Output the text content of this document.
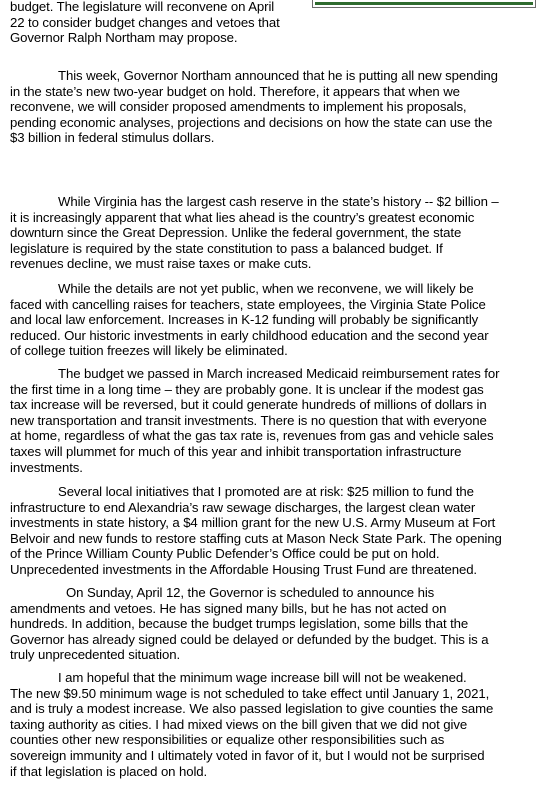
budget. The legislature will reconvene on April
22 to consider budget changes and vetoes that
Governor Ralph Northam may propose.

This week, Governor Northam announced that he is putting all new spending
in the state’s new two-year budget on hold. Therefore, it appears that when we
reconvene, we will consider proposed amendments to implement his proposals,
pending economic analyses, projections and decisions on how the state can use the
$3 billion in federal stimulus dollars.

While Virginia has the largest cash reserve in the state’s history -- $2 billion –
it is increasingly apparent that what lies ahead is the country’s greatest economic
downturn since the Great Depression. Unlike the federal government, the state
legislature is required by the state constitution to pass a balanced budget. If
revenues decline, we must raise taxes or make cuts.

While the details are not yet public, when we reconvene, we will likely be
faced with cancelling raises for teachers, state employees, the Virginia State Police
and local law enforcement. Increases in K-12 funding will probably be significantly
reduced. Our historic investments in early childhood education and the second year
of college tuition freezes will likely be eliminated.

The budget we passed in March increased Medicaid reimbursement rates for
the first time in a long time – they are probably gone. It is unclear if the modest gas
tax increase will be reversed, but it could generate hundreds of millions of dollars in
new transportation and transit investments. There is no question that with everyone
at home, regardless of what the gas tax rate is, revenues from gas and vehicle sales
taxes will plummet for much of this year and inhibit transportation infrastructure
investments.

Several local initiatives that I promoted are at risk: $25 million to fund the
infrastructure to end Alexandria’s raw sewage discharges, the largest clean water
investments in state history, a $4 million grant for the new U.S. Army Museum at Fort
Belvoir and new funds to restore staffing cuts at Mason Neck State Park. The opening
of the Prince William County Public Defender’s Office could be put on hold.
Unprecedented investments in the Affordable Housing Trust Fund are threatened.

On Sunday, April 12, the Governor is scheduled to announce his
amendments and vetoes. He has signed many bills, but he has not acted on
hundreds. In addition, because the budget trumps legislation, some bills that the
Governor has already signed could be delayed or defunded by the budget. This is a
truly unprecedented situation.

I am hopeful that the minimum wage increase bill will not be weakened.
The new $9.50 minimum wage is not scheduled to take effect until January 1, 2021,
and is truly a modest increase. We also passed legislation to give counties the same
taxing authority as cities. I had mixed views on the bill given that we did not give
counties other new responsibilities or equalize other responsibilities such as
sovereign immunity and I ultimately voted in favor of it, but I would not be surprised
if that legislation is placed on hold.
